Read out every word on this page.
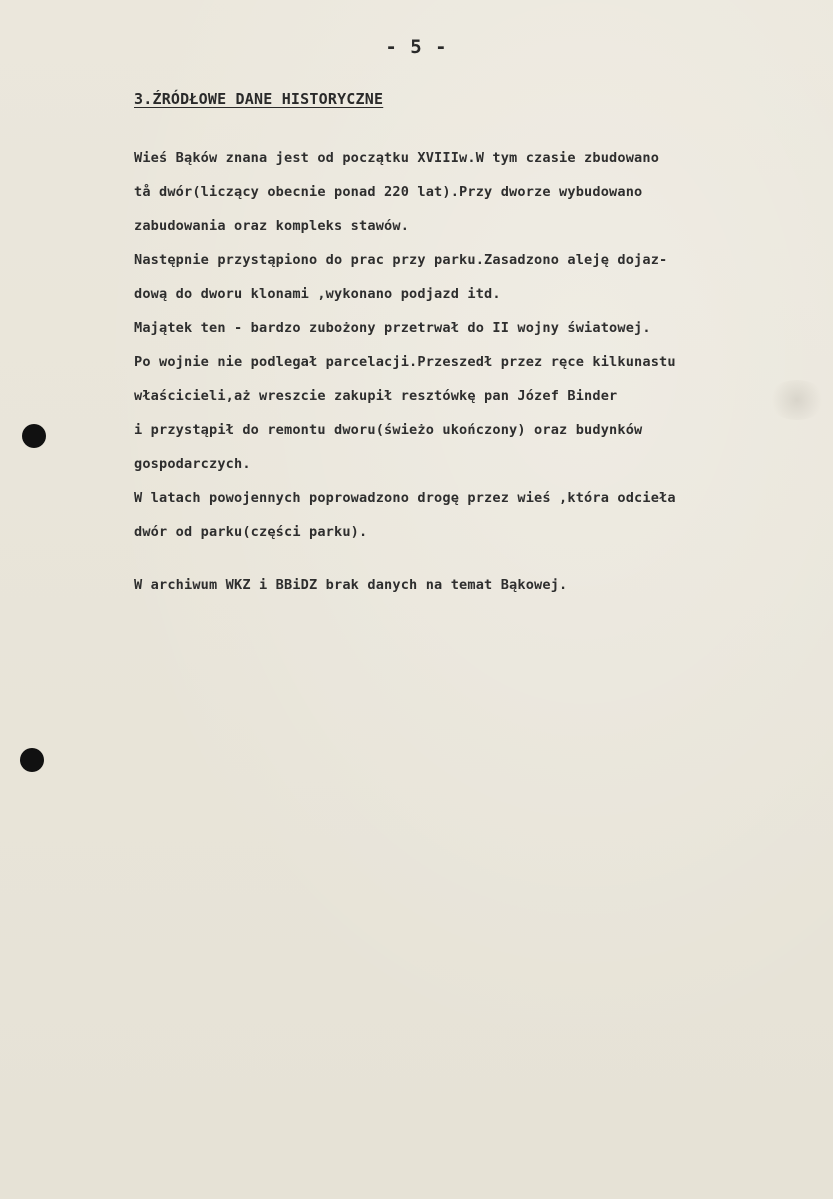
- 5 -
3.ŹRÓDŁOWE DANE HISTORYCZNE
Wieś Bąków znana jest od początku XVIIIw.W tym czasie zbudowano
tå dwór(liczący obecnie ponad 220 lat).Przy dworze wybudowano
zabudowania oraz kompleks stawów.
Następnie przystąpiono do prac przy parku.Zasadzono aleję dojaz-
dową do dworu klonami ,wykonano podjazd itd.
Majątek ten - bardzo zubożony przetrwał do II wojny światowej.
Po wojnie nie podlegał parcelacji.Przeszedł przez ręce kilkunastu
właścicieli,aż wreszcie zakupił resztówkę pan Józef Binder
i przystąpił do remontu dworu(świeżo ukończony) oraz budynków
gospodarczych.
W latach powojennych poprowadzono drogę przez wieś ,która odcieła
dwór od parku(części parku).
W archiwum WKZ i BBiDZ brak danych na temat Bąkowej.
